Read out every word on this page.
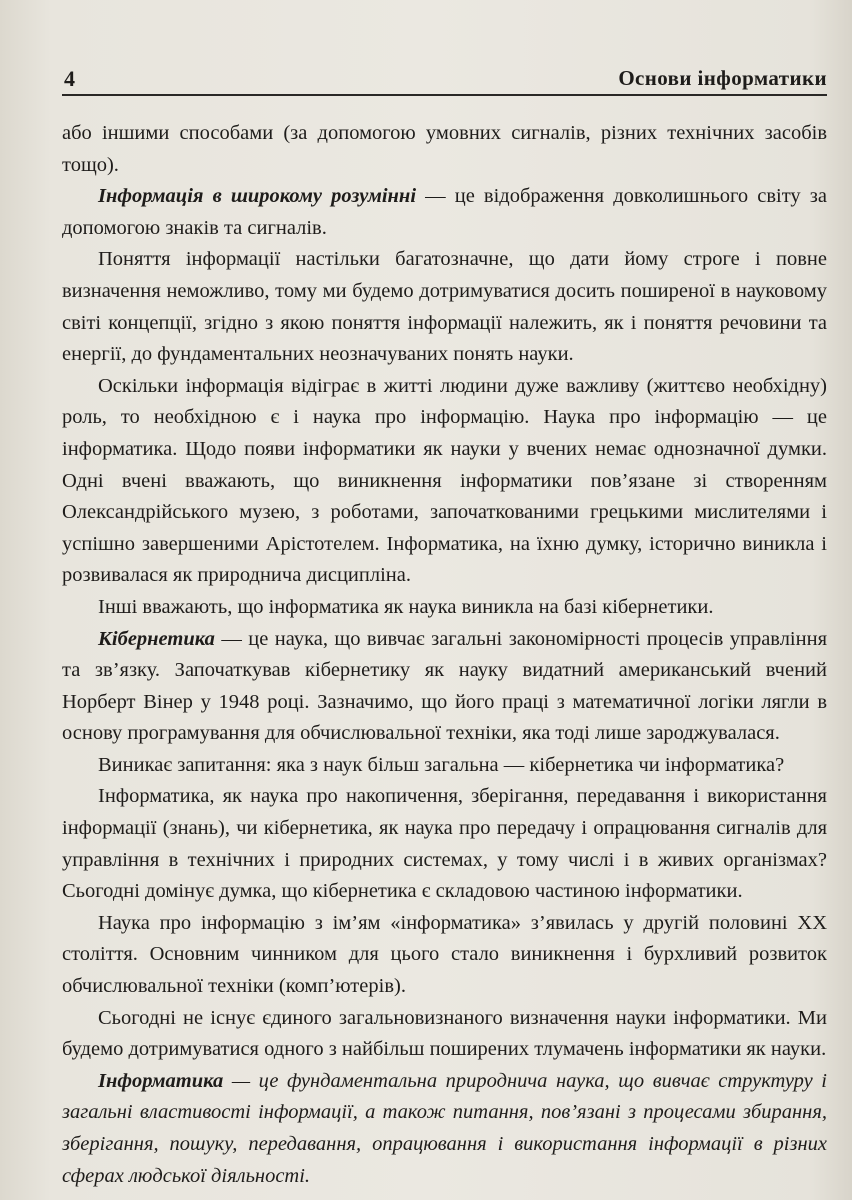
4	Основи інформатики

або іншими способами (за допомогою умовних сигналів, різних технічних засобів тощо).

Інформація в широкому розумінні — це відображення довколишнього світу за допомогою знаків та сигналів.

Поняття інформації настільки багатозначне, що дати йому строге і повне визначення неможливо, тому ми будемо дотримуватися досить поширеної в науковому світі концепції, згідно з якою поняття інформації належить, як і поняття речовини та енергії, до фундаментальних неозначуваних понять науки.

Оскільки інформація відіграє в житті людини дуже важливу (життєво необхідну) роль, то необхідною є і наука про інформацію. Наука про інформацію — це інформатика. Щодо появи інформатики як науки у вчених немає однозначної думки. Одні вчені вважають, що виникнення інформатики пов’язане зі створенням Олександрійського музею, з роботами, започаткованими грецькими мислителями і успішно завершеними Арістотелем. Інформатика, на їхню думку, історично виникла і розвивалася як природнича дисципліна.

Інші вважають, що інформатика як наука виникла на базі кібернетики.

Кібернетика — це наука, що вивчає загальні закономірності процесів управління та зв’язку. Започаткував кібернетику як науку видатний американський вчений Норберт Вінер у 1948 році. Зазначимо, що його праці з математичної логіки лягли в основу програмування для обчислювальної техніки, яка тоді лише зароджувалася.

Виникає запитання: яка з наук більш загальна — кібернетика чи інформатика?

Інформатика, як наука про накопичення, зберігання, передавання і використання інформації (знань), чи кібернетика, як наука про передачу і опрацювання сигналів для управління в технічних і природних системах, у тому числі і в живих організмах? Сьогодні домінує думка, що кібернетика є складовою частиною інформатики.

Наука про інформацію з ім’ям «інформатика» з’явилась у другій половині XX століття. Основним чинником для цього стало виникнення і бурхливий розвиток обчислювальної техніки (комп’ютерів).

Сьогодні не існує єдиного загальновизнаного визначення науки інформатики. Ми будемо дотримуватися одного з найбільш поширених тлумачень інформатики як науки.

Інформатика — це фундаментальна природнича наука, що вивчає структуру і загальні властивості інформації, а також питання, пов’язані з процесами збирання, зберігання, пошуку, передавання, опрацювання і використання інформації в різних сферах людської діяльності.
